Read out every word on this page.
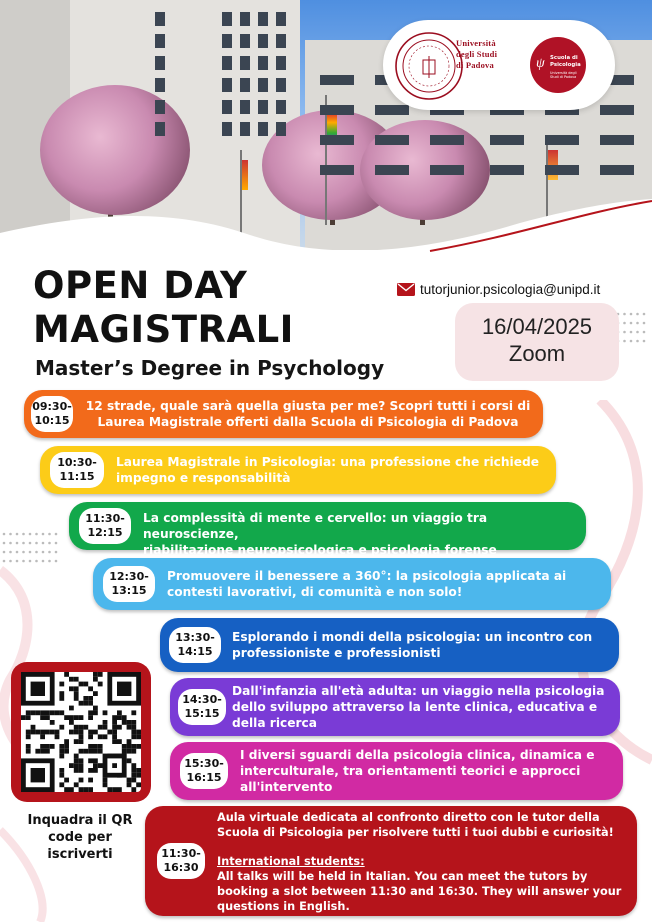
Università
degli Studi
di Padova	ψ Scuola di
Psicologia
Università degli Studi di Padova
OPEN DAY
MAGISTRALI
Master’s Degree in Psychology
tutorjunior.psicologia@unipd.it
16/04/2025
Zoom
09:30-
10:15
12 strade, quale sarà quella giusta per me? Scopri tutti i corsi di
Laurea Magistrale offerti dalla Scuola di Psicologia di Padova
10:30-
11:15
Laurea Magistrale in Psicologia: una professione che richiede
impegno e responsabilità
11:30-
12:15
La complessità di mente e cervello: un viaggio tra neuroscienze,
riabilitazione neuropsicologica e psicologia forense
12:30-
13:15
Promuovere il benessere a 360°: la psicologia applicata ai
contesti lavorativi, di comunità e non solo!
13:30-
14:15
Esplorando i mondi della psicologia: un incontro con
professioniste e professionisti
14:30-
15:15
Dall'infanzia all'età adulta: un viaggio nella psicologia
dello sviluppo attraverso la lente clinica, educativa e
della ricerca
15:30-
16:15
I diversi sguardi della psicologia clinica, dinamica e
interculturale, tra orientamenti teorici e approcci
all'intervento
11:30-
16:30
Aula virtuale dedicata al confronto diretto con le tutor della
Scuola di Psicologia per risolvere tutti i tuoi dubbi e curiosità!
International students:
All talks will be held in Italian. You can meet the tutors by
booking a slot between 11:30 and 16:30. They will answer your
questions in English.
Inquadra il QR
code per
iscriverti
